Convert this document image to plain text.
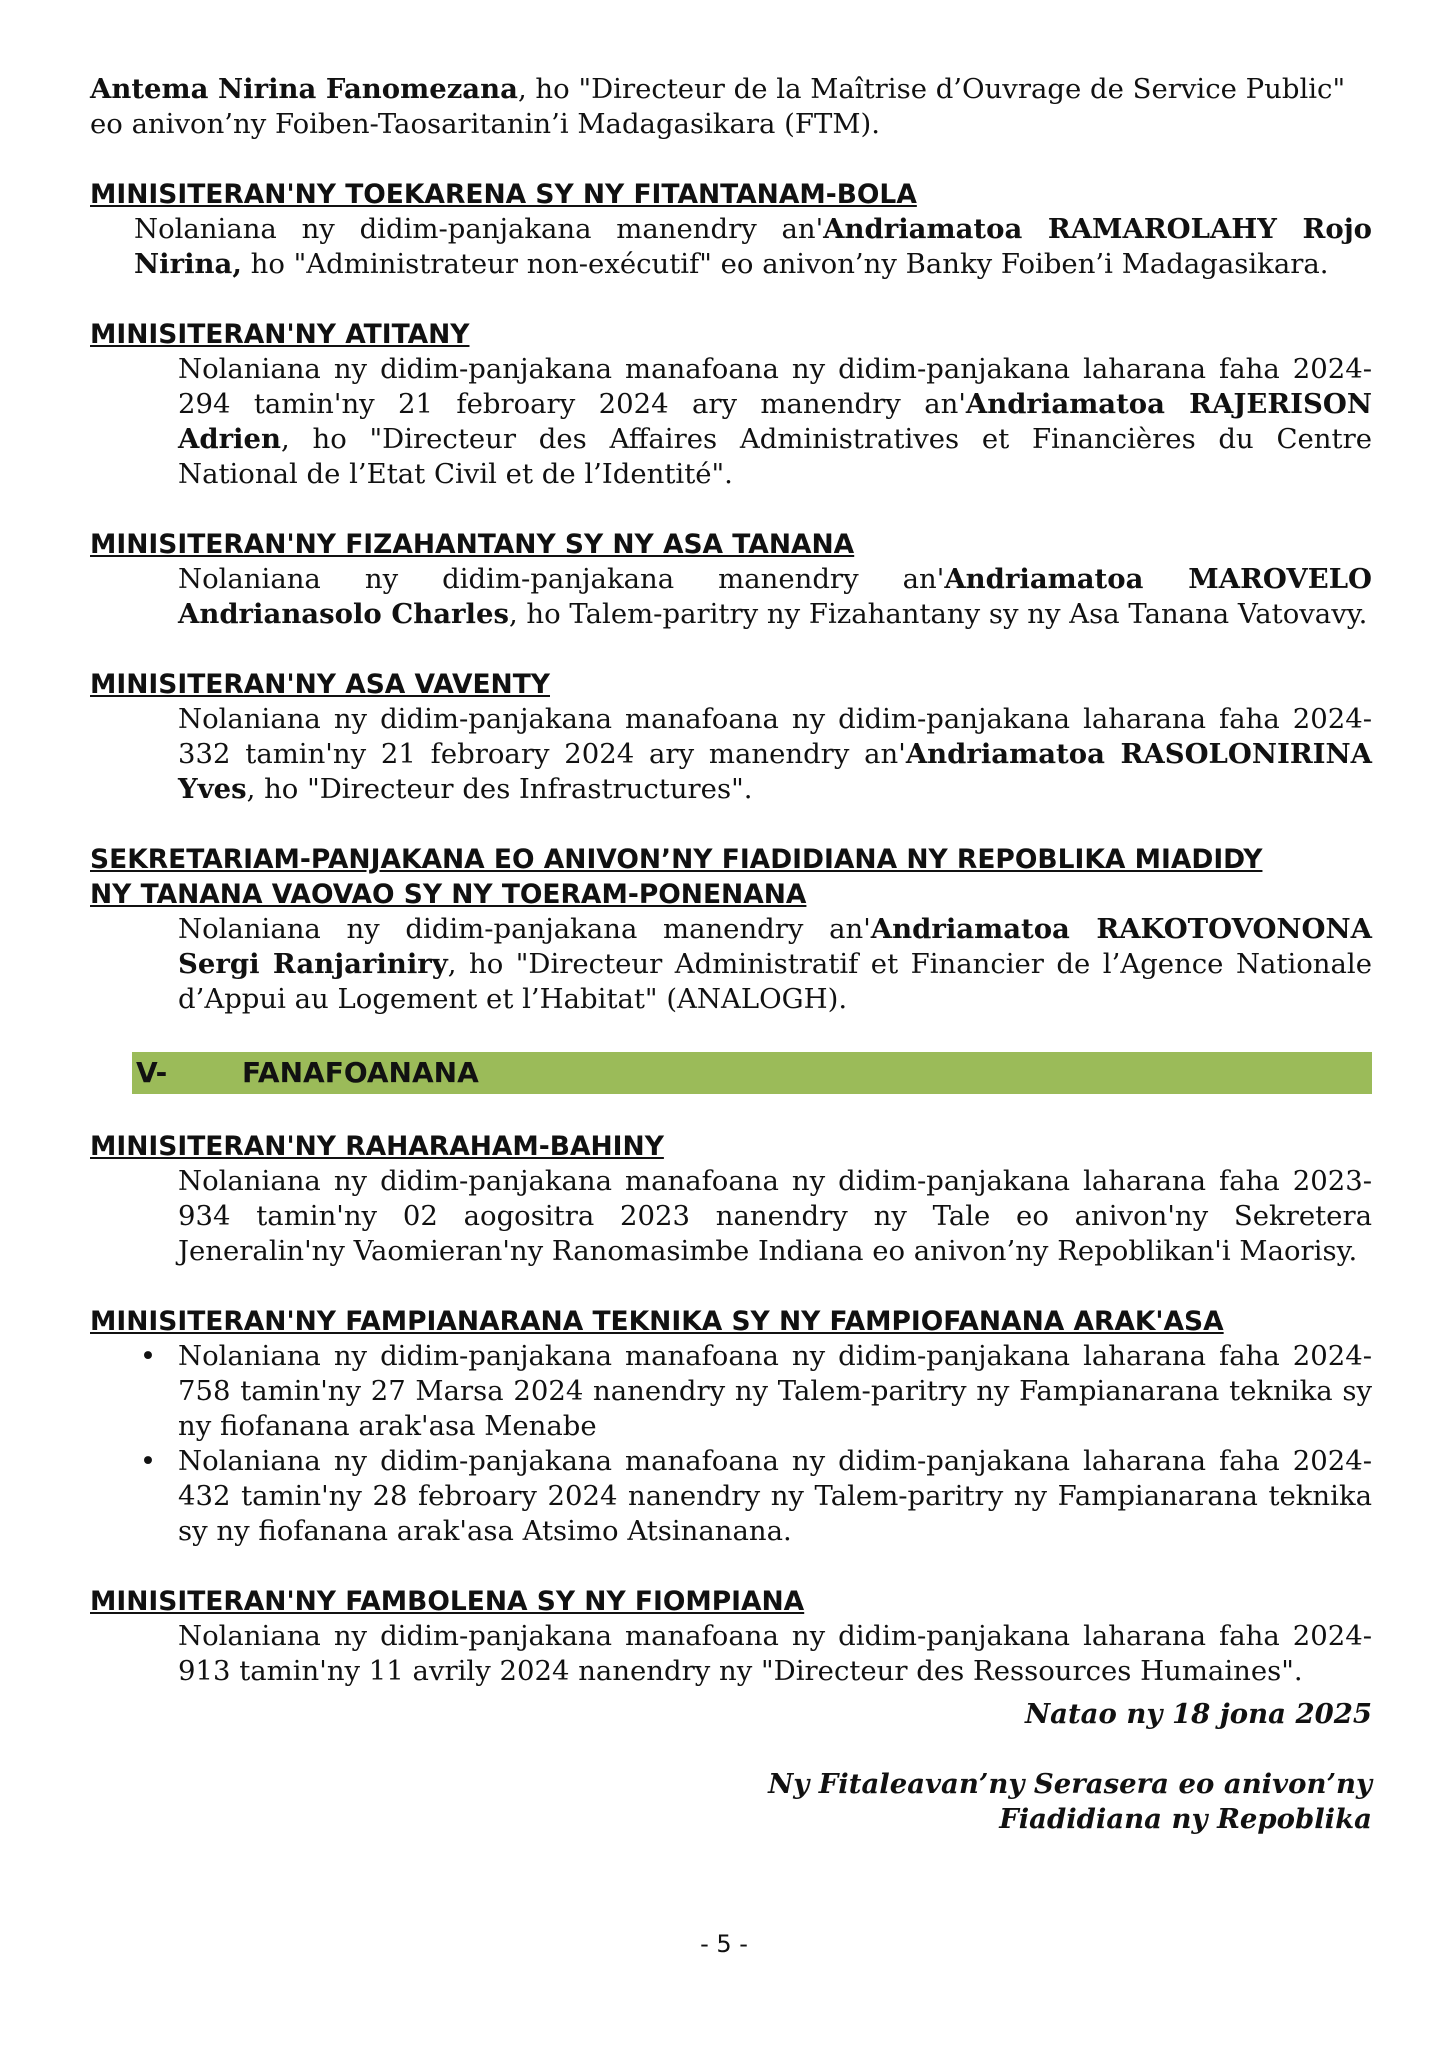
Antema Nirina Fanomezana, ho "Directeur de la Maîtrise d’Ouvrage de Service Public"
eo anivon’ny Foiben-Taosaritanin’i Madagasikara (FTM).

MINISITERAN'NY TOEKARENA SY NY FITANTANAM-BOLA

Nolaniana ny didim-panjakana manendry an'Andriamatoa RAMAROLAHY Rojo Nirina, ho "Administrateur non-exécutif" eo anivon’ny Banky Foiben’i Madagasikara.

MINISITERAN'NY ATITANY

Nolaniana ny didim-panjakana manafoana ny didim-panjakana laharana faha 2024-294 tamin'ny 21 febroary 2024 ary manendry an'Andriamatoa RAJERISON Adrien, ho "Directeur des Affaires Administratives et Financières du Centre National de l’Etat Civil et de l’Identité".

MINISITERAN'NY FIZAHANTANY SY NY ASA TANANA

Nolaniana ny didim-panjakana manendry an'Andriamatoa MAROVELO Andrianasolo Charles, ho Talem-paritry ny Fizahantany sy ny Asa Tanana Vatovavy.

MINISITERAN'NY ASA VAVENTY

Nolaniana ny didim-panjakana manafoana ny didim-panjakana laharana faha 2024-332 tamin'ny 21 febroary 2024 ary manendry an'Andriamatoa RASOLONIRINA Yves, ho "Directeur des Infrastructures".

SEKRETARIAM-PANJAKANA EO ANIVON’NY FIADIDIANA NY REPOBLIKA MIADIDY
NY TANANA VAOVAO SY NY TOERAM-PONENANA

Nolaniana ny didim-panjakana manendry an'Andriamatoa RAKOTOVONONA Sergi Ranjariniry, ho "Directeur Administratif et Financier de l’Agence Nationale d’Appui au Logement et l’Habitat" (ANALOGH).

V-	FANAFOANANA

MINISITERAN'NY RAHARAHAM-BAHINY

Nolaniana ny didim-panjakana manafoana ny didim-panjakana laharana faha 2023-934 tamin'ny 02 aogositra 2023 nanendry ny Tale eo anivon'ny Sekretera Jeneralin'ny Vaomieran'ny Ranomasimbe Indiana eo anivon’ny Repoblikan'i Maorisy.

MINISITERAN'NY FAMPIANARANA TEKNIKA SY NY FAMPIOFANANA ARAK'ASA

• Nolaniana ny didim-panjakana manafoana ny didim-panjakana laharana faha 2024-758 tamin'ny 27 Marsa 2024 nanendry ny Talem-paritry ny Fampianarana teknika sy ny fiofanana arak'asa Menabe
• Nolaniana ny didim-panjakana manafoana ny didim-panjakana laharana faha 2024-432 tamin'ny 28 febroary 2024 nanendry ny Talem-paritry ny Fampianarana teknika sy ny fiofanana arak'asa Atsimo Atsinanana.

MINISITERAN'NY FAMBOLENA SY NY FIOMPIANA

Nolaniana ny didim-panjakana manafoana ny didim-panjakana laharana faha 2024-913 tamin'ny 11 avrily 2024 nanendry ny "Directeur des Ressources Humaines".

Natao ny 18 jona 2025

Ny Fitaleavan’ny Serasera eo anivon’ny
Fiadidiana ny Repoblika

- 5 -
